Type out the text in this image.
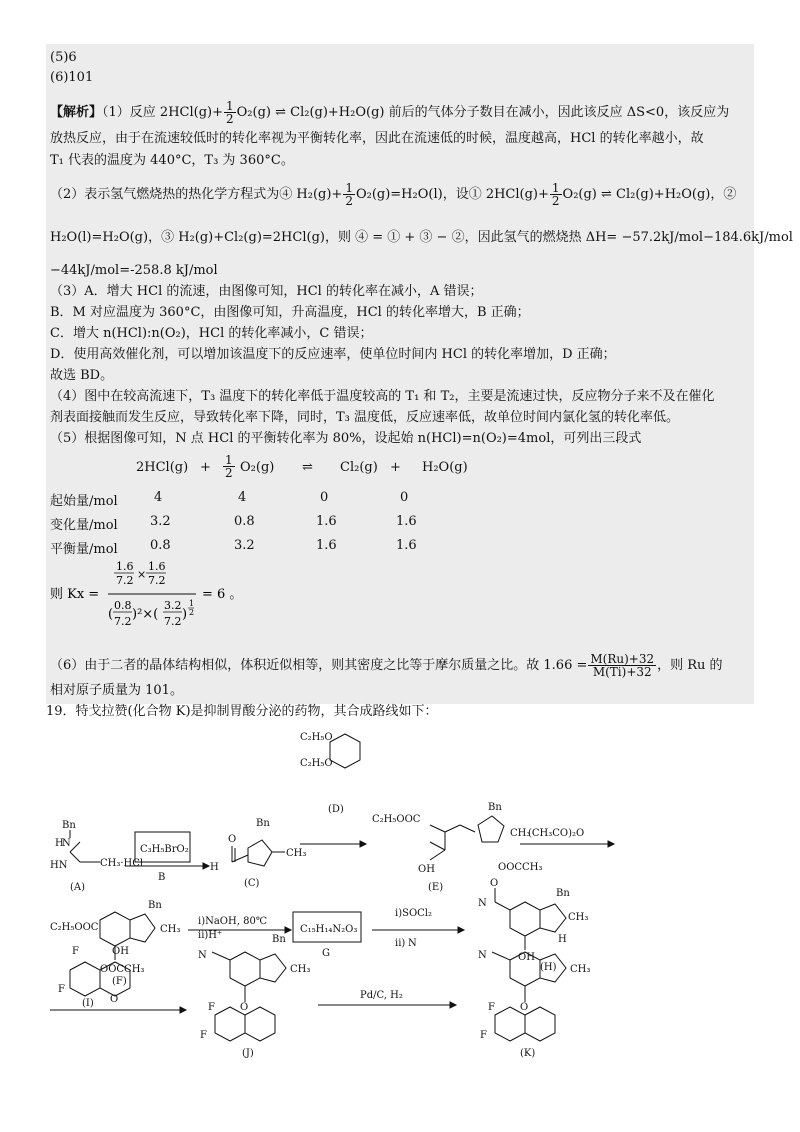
(5)6
(6)101
【解析】（1）反应 $2HCl(g)+ \frac{1}{2} O_2(g)$ ⇌ Cl₂(g)+H₂O(g) 前后的气体分子数目在减小，因此该反应 ΔS<0，该反应为
放热反应，由于在流速较低时的转化率视为平衡转化率，因此在流速低的时候，温度越高，HCl 的转化率越小，故
T₁ 代表的温度为 440°C，T₃ 为 360°C。
（2）表示氢气燃烧热的热化学方程式为④ $H_2(g)+ \frac{1}{2} O_2(g)=H_2O(l)$，设① $2HCl(g)+ \frac{1}{2} O_2(g)$ ⇌ Cl₂(g)+H₂O(g)，②
H₂O(l)=H₂O(g)，③ H₂(g)+Cl₂(g)=2HCl(g)，则 ④ = ① + ③ − ②，因此氢气的燃烧热 ΔH= −57.2kJ/mol−184.6kJ/mol
−44kJ/mol=-258.8 kJ/mol
（3）A．增大 HCl 的流速，由图像可知，HCl 的转化率在减小，A 错误；
B．M 对应温度为 360°C，由图像可知，升高温度，HCl 的转化率增大，B 正确；
C．增大 n(HCl):n(O₂)，HCl 的转化率减小，C 错误；
D．使用高效催化剂，可以增加该温度下的反应速率，使单位时间内 HCl 的转化率增加，D 正确；
故选 BD。
（4）图中在较高流速下，T₃ 温度下的转化率低于温度较高的 T₁ 和 T₂，主要是流速过快，反应物分子来不及在催化
剂表面接触而发生反应，导致转化率下降，同时，T₃ 温度低，反应速率低，故单位时间内氯化氢的转化率低。
（5）根据图像可知，N 点 HCl 的平衡转化率为 80%，设起始 n(HCl)=n(O₂)=4mol，可列出三段式
$2HCl(g) + \frac{1}{2} O_2(g)$ ⇌ Cl₂(g) + H₂O(g)
起始量/mol	4	4	0	0
变化量/mol 3.2	0.8	1.6	1.6
平衡量/mol 0.8	3.2	1.6	1.6
则 Kx =
1.6
7.2 ×
1.6
7.2
(
0.8
7.2 )²×(
3.2
7.2 )
1
2
= 6 。
（6）由于二者的晶体结构相似，体积近似相等，则其密度之比等于摩尔质量之比。故 $1.66 = \frac{M(Ru)+32}{M(Ti)+32}$ ，则 Ru 的
相对原子质量为 101。
19．特戈拉赞(化合物 K)是抑制胃酸分泌的药物，其合成路线如下：
Bn
H
N
HN	CH₃·HCl
(A)
C₃H₅BrO₂
B
O
H
Bn
CH₃
(C)
C₂H₅O
C₂H₅O
(D)
C₂H₅OOC
Bn
CH₃
OH	OOCCH₃
(E)
(CH₃CO)₂O
C₂H₅OOC
Bn
CH₃
OOCCH₃
(F)
i)NaOH, 80℃
ii)H⁺
C₁₅H₁₄N₂O₃
G
i)SOCl₂
ii) N
O
N
Bn
CH₃
OH
(H)
F	OH
F
O
(I)
N
Bn
CH₃
O
F
F
(J)
Pd/C, H₂
N
H
CH₃
O
F
F
(K)
